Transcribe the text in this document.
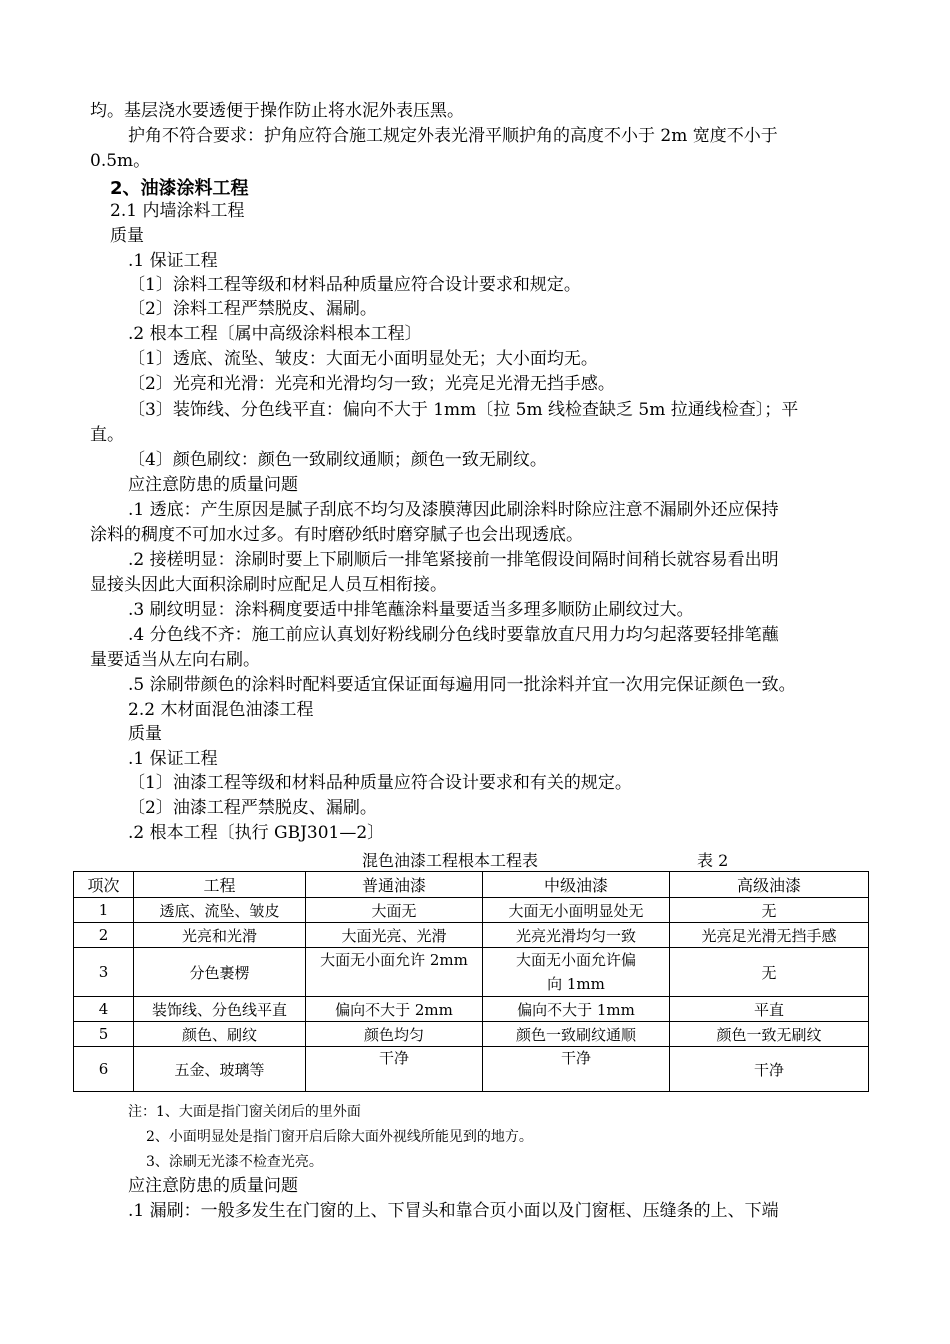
均。基层浇水要透便于操作防止将水泥外表压黑。
护角不符合要求：护角应符合施工规定外表光滑平顺护角的高度不小于 2m 宽度不小于
0.5m。
2、油漆涂料工程
2.1 内墙涂料工程
质量
.1 保证工程
〔1〕涂料工程等级和材料品种质量应符合设计要求和规定。
〔2〕涂料工程严禁脱皮、漏刷。
.2 根本工程〔属中高级涂料根本工程〕
〔1〕透底、流坠、皱皮：大面无小面明显处无；大小面均无。
〔2〕光亮和光滑：光亮和光滑均匀一致；光亮足光滑无挡手感。
〔3〕装饰线、分色线平直：偏向不大于 1mm〔拉 5m 线检查缺乏 5m 拉通线检查〕；平
直。
〔4〕颜色刷纹：颜色一致刷纹通顺；颜色一致无刷纹。
应注意防患的质量问题
.1 透底：产生原因是腻子刮底不均匀及漆膜薄因此刷涂料时除应注意不漏刷外还应保持
涂料的稠度不可加水过多。有时磨砂纸时磨穿腻子也会出现透底。
.2 接槎明显：涂刷时要上下刷顺后一排笔紧接前一排笔假设间隔时间稍长就容易看出明
显接头因此大面积涂刷时应配足人员互相衔接。
.3 刷纹明显：涂料稠度要适中排笔蘸涂料量要适当多理多顺防止刷纹过大。
.4 分色线不齐：施工前应认真划好粉线刷分色线时要靠放直尺用力均匀起落要轻排笔蘸
量要适当从左向右刷。
.5 涂刷带颜色的涂料时配料要适宜保证面每遍用同一批涂料并宜一次用完保证颜色一致。
2.2 木材面混色油漆工程
质量
.1 保证工程
〔1〕油漆工程等级和材料品种质量应符合设计要求和有关的规定。
〔2〕油漆工程严禁脱皮、漏刷。
.2 根本工程〔执行 GBJ301—2〕
混色油漆工程根本工程表	表 2
项次	工程	普通油漆	中级油漆	高级油漆
1	透底、流坠、皱皮	大面无	大面无小面明显处无	无
2	光亮和光滑	大面光亮、光滑	光亮光滑均匀一致	光亮足光滑无挡手感
3	分色裹楞	大面无小面允许 2mm	大面无小面允许偏向 1mm	无
4	装饰线、分色线平直	偏向不大于 2mm	偏向不大于 1mm	平直
5	颜色、刷纹	颜色均匀	颜色一致刷纹通顺	颜色一致无刷纹
6	五金、玻璃等	干净	干净	干净
注：1、大面是指门窗关闭后的里外面
2、小面明显处是指门窗开启后除大面外视线所能见到的地方。
3、涂刷无光漆不检查光亮。
应注意防患的质量问题
.1 漏刷：一般多发生在门窗的上、下冒头和靠合页小面以及门窗框、压缝条的上、下端
